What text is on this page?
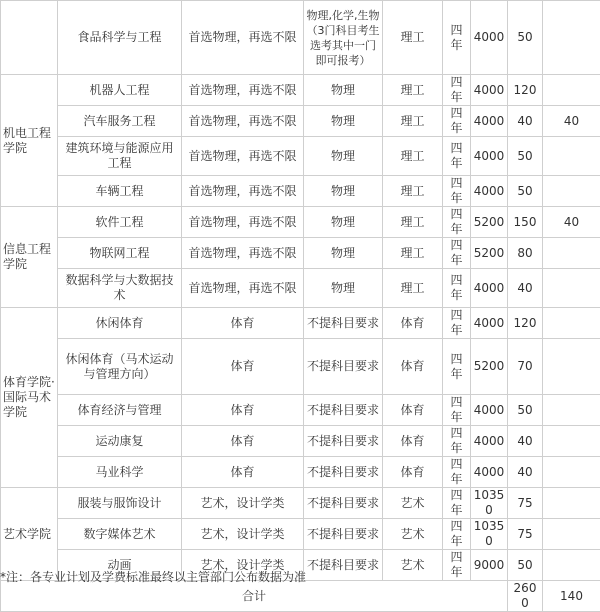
	食品科学与工程	首选物理，再选不限	物理,化学,生物（3门科目考生选考其中一门即可报考）	理工	四年	4000	50	
机电工程学院	机器人工程	首选物理，再选不限	物理	理工	四年	4000	120	
	汽车服务工程	首选物理，再选不限	物理	理工	四年	4000	40	40
	建筑环境与能源应用工程	首选物理，再选不限	物理	理工	四年	4000	50	
	车辆工程	首选物理，再选不限	物理	理工	四年	4000	50	
信息工程学院	软件工程	首选物理，再选不限	物理	理工	四年	5200	150	40
	物联网工程	首选物理，再选不限	物理	理工	四年	5200	80	
	数据科学与大数据技术	首选物理，再选不限	物理	理工	四年	4000	40	
体育学院·国际马术学院	休闲体育	体育	不提科目要求	体育	四年	4000	120	
	休闲体育（马术运动与管理方向）	体育	不提科目要求	体育	四年	5200	70	
	体育经济与管理	体育	不提科目要求	体育	四年	4000	50	
	运动康复	体育	不提科目要求	体育	四年	4000	40	
	马业科学	体育	不提科目要求	体育	四年	4000	40	
艺术学院	服装与服饰设计	艺术，设计学类	不提科目要求	艺术	四年	10350	75	
	数字媒体艺术	艺术，设计学类	不提科目要求	艺术	四年	10350	75	
	动画	艺术，设计学类	不提科目要求	艺术	四年	9000	50	
合计							2600	140
*注：各专业计划及学费标准最终以主管部门公布数据为准
